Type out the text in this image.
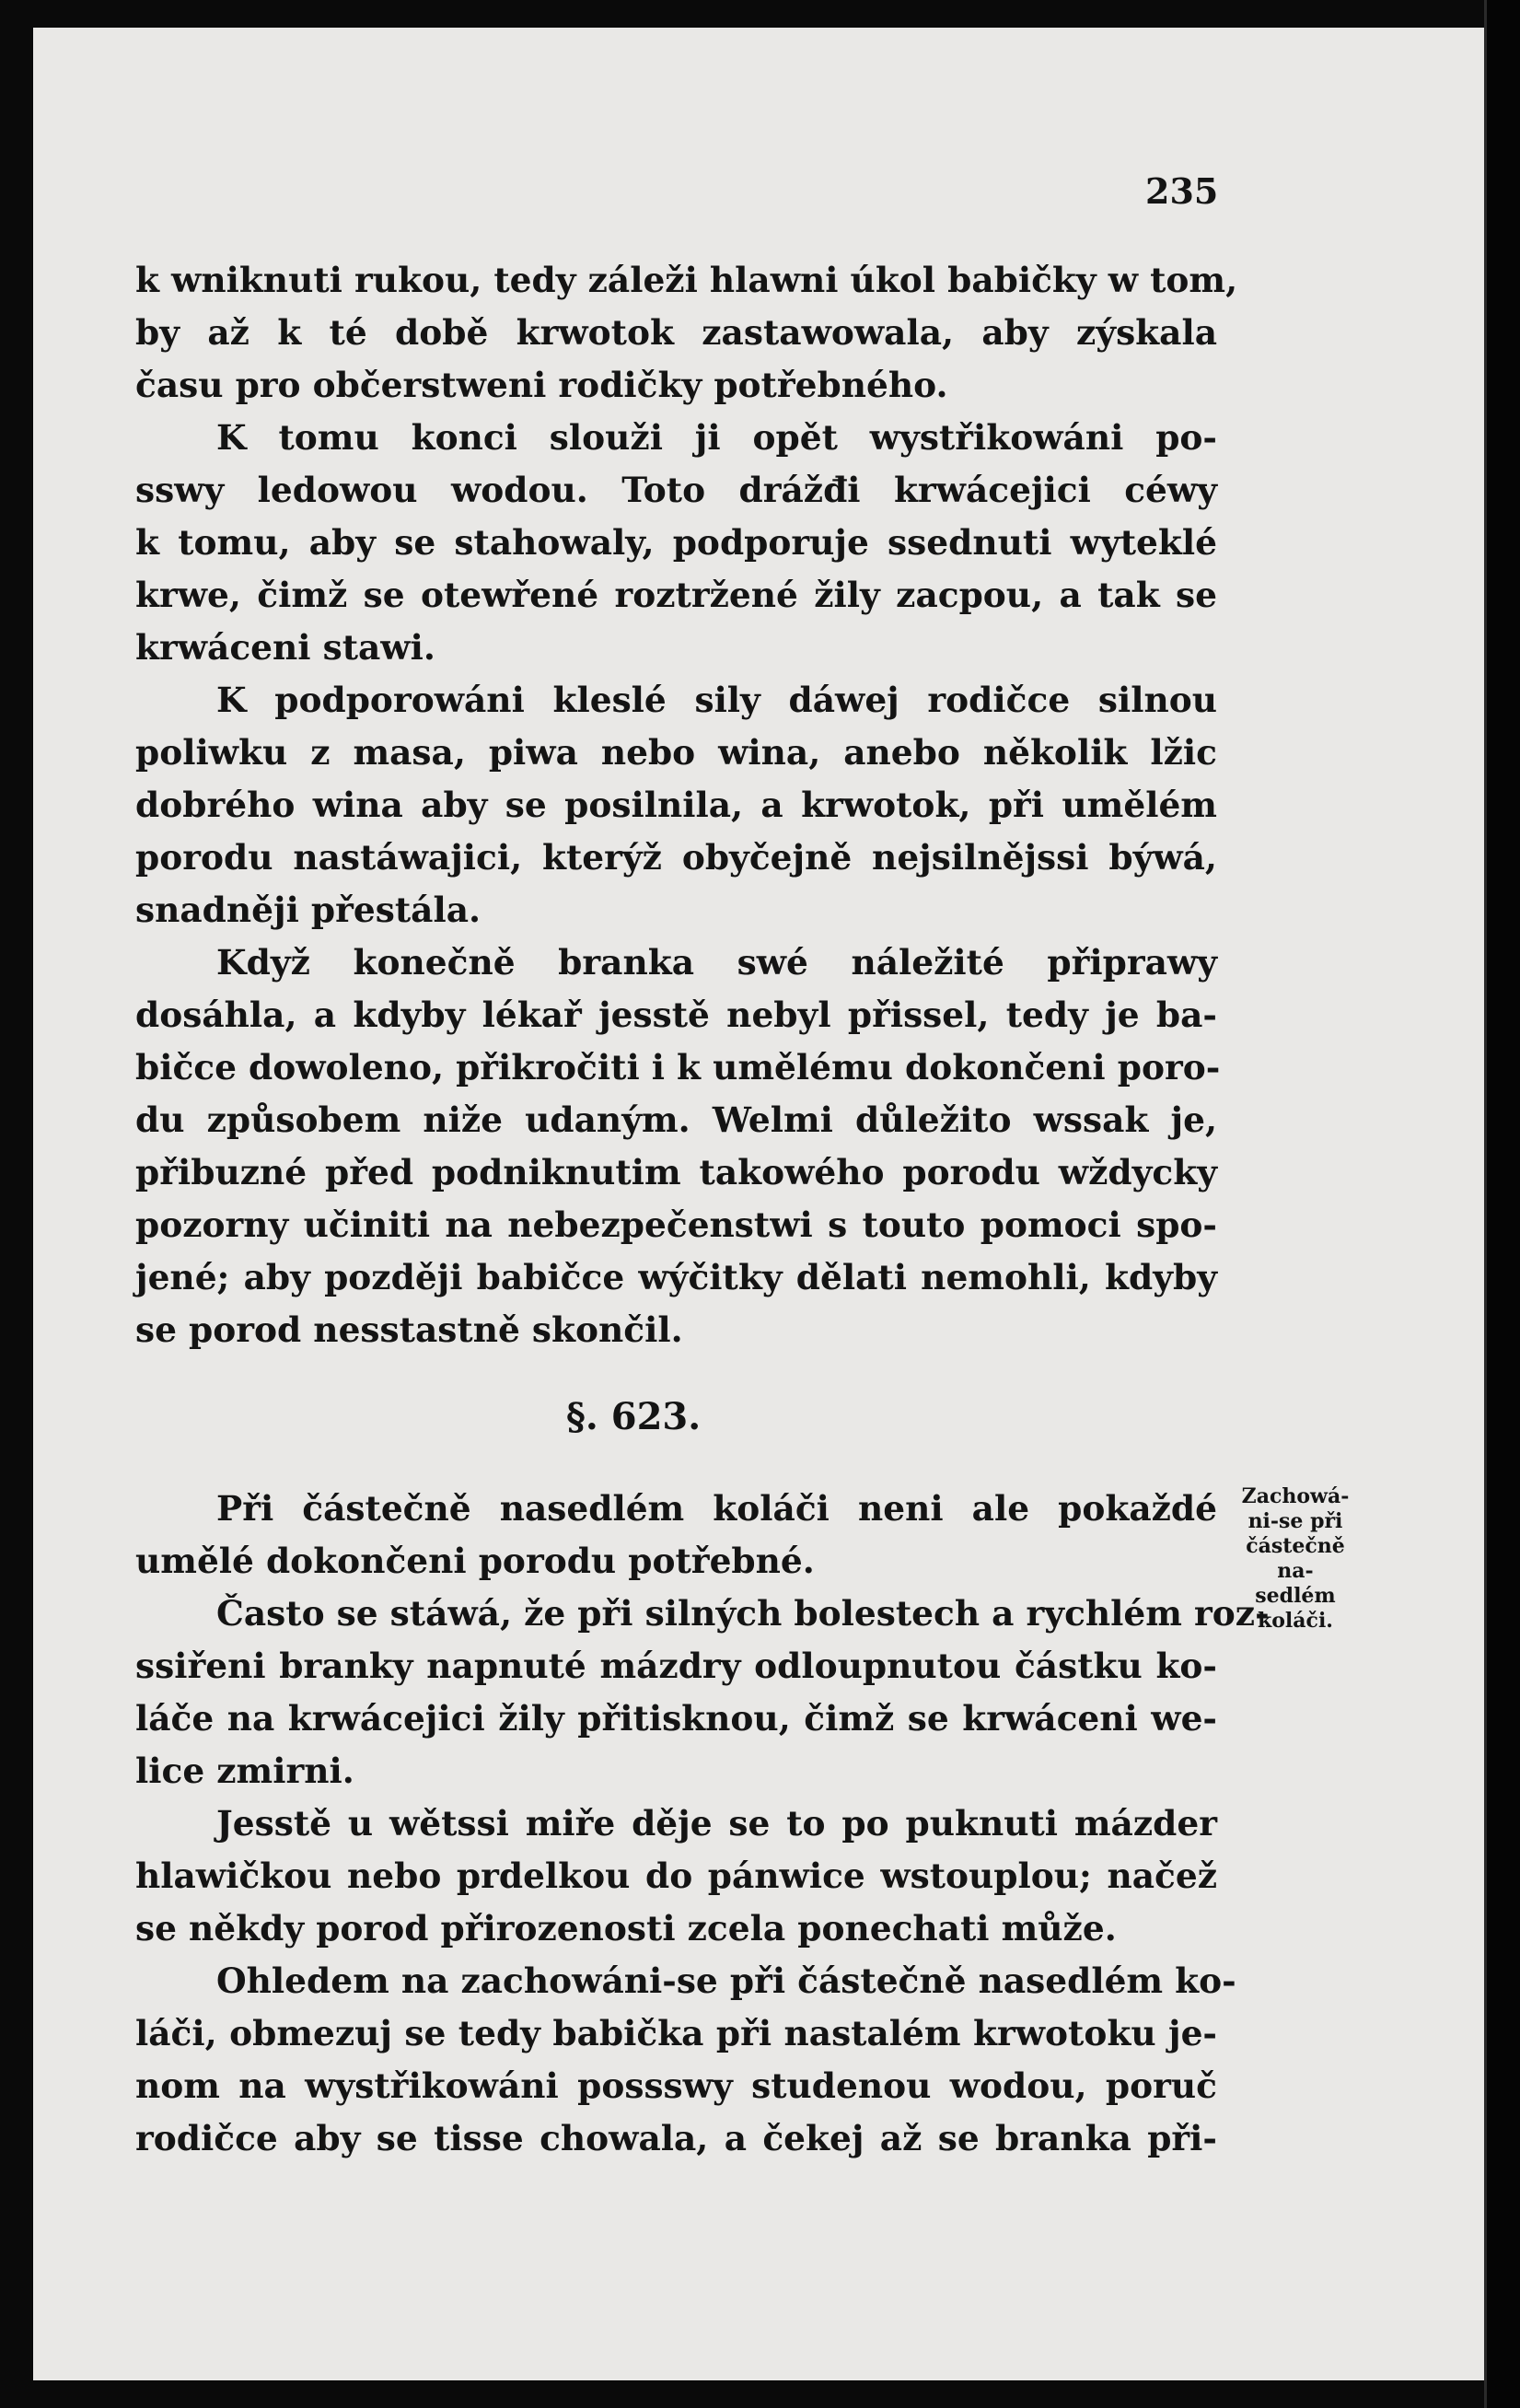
235
k wniknuti rukou, tedy záleži hlawni úkol babičky w tom,
by až k té době krwotok zastawowala, aby zýskala
času pro občerstweni rodičky potřebného.
K tomu konci slouži ji opět wystřikowáni po-
sswy ledowou wodou. Toto drážđi krwácejici céwy
k tomu, aby se stahowaly, podporuje ssednuti wyteklé
krwe, čimž se otewřené roztržené žily zacpou, a tak se
krwáceni stawi.
K podporowáni kleslé sily dáwej rodičce silnou
poliwku z masa, piwa nebo wina, anebo několik lžic
dobrého wina aby se posilnila, a krwotok, při umělém
porodu nastáwajici, kterýž obyčejně nejsilnějssi býwá,
snadněji přestála.
Když konečně branka swé náležité připrawy
dosáhla, a kdyby lékař jesstě nebyl přissel, tedy je ba-
bičce dowoleno, přikročiti i k umělému dokončeni poro-
du způsobem niže udaným. Welmi důležito wssak je,
přibuzné před podniknutim takowého porodu wždycky
pozorny učiniti na nebezpečenstwi s touto pomoci spo-
jené; aby později babičce wýčitky dělati nemohli, kdyby
se porod nesstastně skončil.
§. 623.
Při částečně nasedlém koláči neni ale pokaždé
umělé dokončeni porodu potřebné.
Často se stáwá, že při silných bolestech a rychlém roz-
ssiřeni branky napnuté mázdry odloupnutou částku ko-
láče na krwácejici žily přitisknou, čimž se krwáceni we-
lice zmirni.
Jesstě u wětssi miře děje se to po puknuti mázder
hlawičkou nebo prdelkou do pánwice wstouplou; načež
se někdy porod přirozenosti zcela ponechati může.
Ohledem na zachowáni-se při částečně nasedlém ko-
láči, obmezuj se tedy babička při nastalém krwotoku je-
nom na wystřikowáni possswy studenou wodou, poruč
rodičce aby se tisse chowala, a čekej až se branka při-
Zachowá-
ni-se při
částečně na-
sedlém
koláči.
